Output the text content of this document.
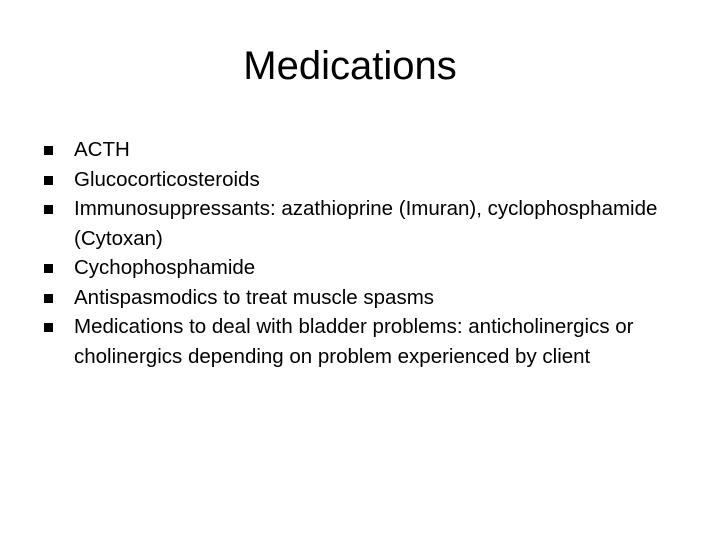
Medications
ACTH
Glucocorticosteroids
Immunosuppressants: azathioprine (Imuran), cyclophosphamide (Cytoxan)
Cychophosphamide
Antispasmodics to treat muscle spasms
Medications to deal with bladder problems: anticholinergics or cholinergics depending on problem experienced by client
